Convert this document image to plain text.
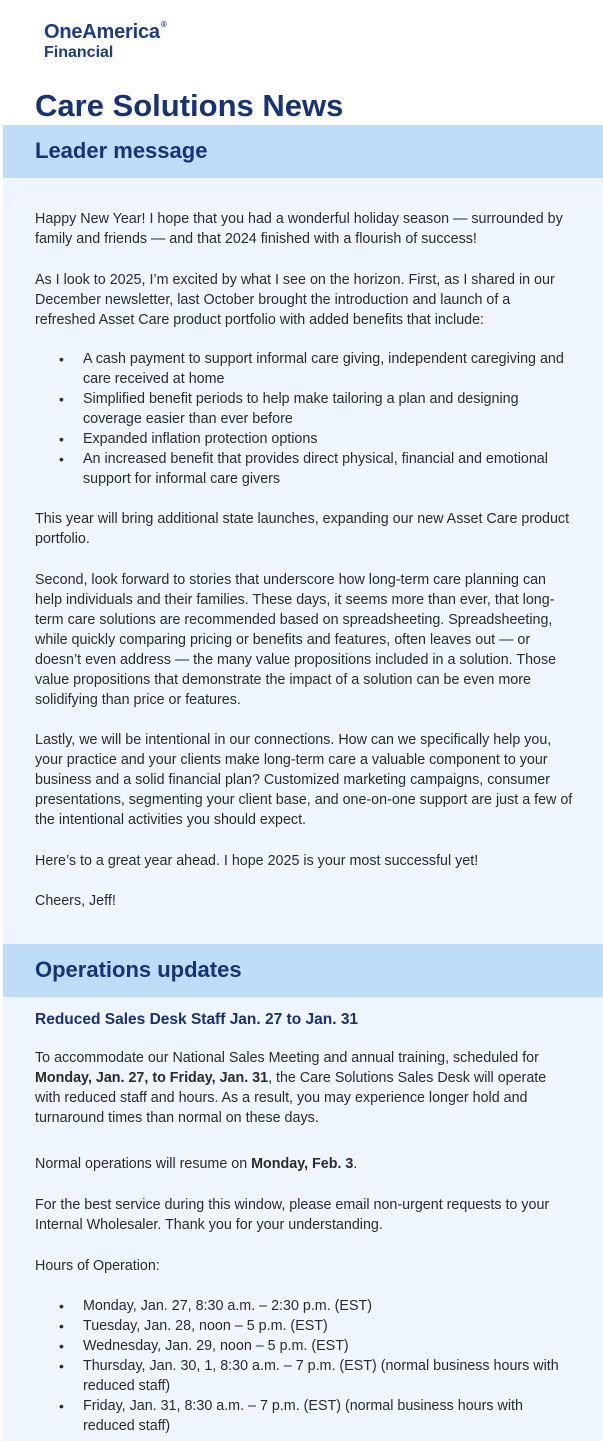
One America ®
Financial
Care Solutions News
Leader message
Happy New Year! I hope that you had a wonderful holiday season — surrounded by family and friends — and that 2024 finished with a flourish of success!
As I look to 2025, I’m excited by what I see on the horizon. First, as I shared in our December newsletter, last October brought the introduction and launch of a refreshed Asset Care product portfolio with added benefits that include:
• A cash payment to support informal care giving, independent caregiving and care received at home
• Simplified benefit periods to help make tailoring a plan and designing coverage easier than ever before
• Expanded inflation protection options
• An increased benefit that provides direct physical, financial and emotional support for informal care givers
This year will bring additional state launches, expanding our new Asset Care product portfolio.
Second, look forward to stories that underscore how long-term care planning can help individuals and their families. These days, it seems more than ever, that long-term care solutions are recommended based on spreadsheeting. Spreadsheeting, while quickly comparing pricing or benefits and features, often leaves out — or doesn’t even address — the many value propositions included in a solution. Those value propositions that demonstrate the impact of a solution can be even more solidifying than price or features.
Lastly, we will be intentional in our connections. How can we specifically help you, your practice and your clients make long-term care a valuable component to your business and a solid financial plan? Customized marketing campaigns, consumer presentations, segmenting your client base, and one-on-one support are just a few of the intentional activities you should expect.
Here’s to a great year ahead. I hope 2025 is your most successful yet!
Cheers, Jeff!
Operations updates
Reduced Sales Desk Staff Jan. 27 to Jan. 31

To accommodate our National Sales Meeting and annual training, scheduled for Monday, Jan. 27, to Friday, Jan. 31, the Care Solutions Sales Desk will operate with reduced staff and hours. As a result, you may experience longer hold and turnaround times than normal on these days.

Normal operations will resume on Monday, Feb. 3.

For the best service during this window, please email non-urgent requests to your Internal Wholesaler. Thank you for your understanding.
Hours of Operation:
• Monday, Jan. 27, 8:30 a.m. – 2:30 p.m. (EST)
• Tuesday, Jan. 28, noon – 5 p.m. (EST)
• Wednesday, Jan. 29, noon – 5 p.m. (EST)
• Thursday, Jan. 30, 1, 8:30 a.m. – 7 p.m. (EST) (normal business hours with reduced staff)
• Friday, Jan. 31, 8:30 a.m. – 7 p.m. (EST) (normal business hours with reduced staff)
